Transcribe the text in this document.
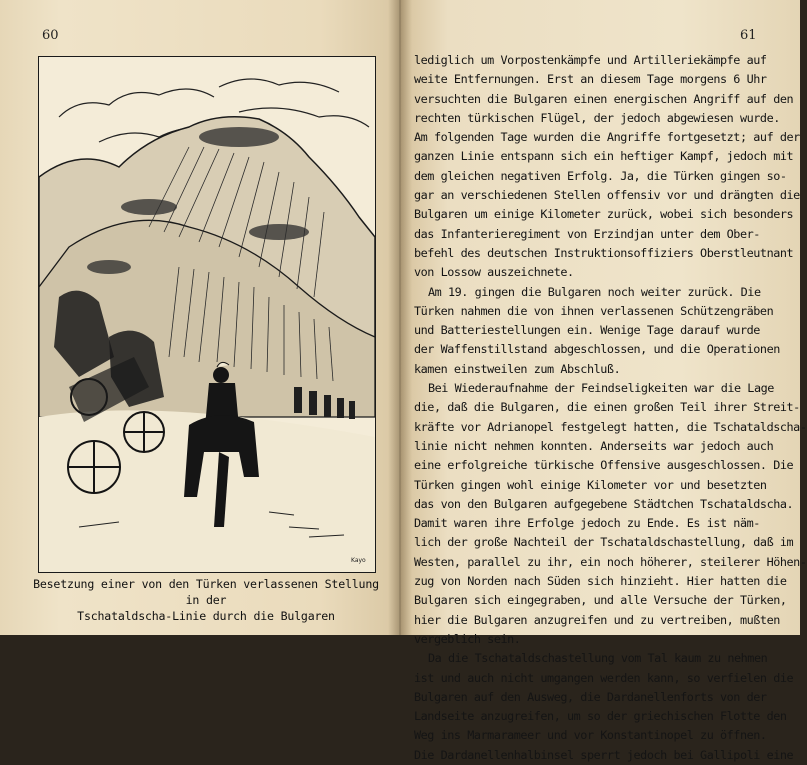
60	61
Kayo
Besetzung einer von den Türken verlassenen Stellung in der
Tschataldscha-Linie durch die Bulgaren
lediglich um Vorpostenkämpfe und Artilleriekämpfe auf
weite Entfernungen. Erst an diesem Tage morgens 6 Uhr
versuchten die Bulgaren einen energischen Angriff auf den
rechten türkischen Flügel, der jedoch abgewiesen wurde.
Am folgenden Tage wurden die Angriffe fortgesetzt; auf der
ganzen Linie entspann sich ein heftiger Kampf, jedoch mit
dem gleichen negativen Erfolg. Ja, die Türken gingen so-
gar an verschiedenen Stellen offensiv vor und drängten die
Bulgaren um einige Kilometer zurück, wobei sich besonders
das Infanterieregiment von Erzindjan unter dem Ober-
befehl des deutschen Instruktionsoffiziers Oberstleutnant
von Lossow auszeichnete.
Am 19. gingen die Bulgaren noch weiter zurück. Die
Türken nahmen die von ihnen verlassenen Schützengräben
und Batteriestellungen ein. Wenige Tage darauf wurde
der Waffenstillstand abgeschlossen, und die Operationen
kamen einstweilen zum Abschluß.
Bei Wiederaufnahme der Feindseligkeiten war die Lage
die, daß die Bulgaren, die einen großen Teil ihrer Streit-
kräfte vor Adrianopel festgelegt hatten, die Tschataldscha-
linie nicht nehmen konnten. Anderseits war jedoch auch
eine erfolgreiche türkische Offensive ausgeschlossen. Die
Türken gingen wohl einige Kilometer vor und besetzten
das von den Bulgaren aufgegebene Städtchen Tschataldscha.
Damit waren ihre Erfolge jedoch zu Ende. Es ist näm-
lich der große Nachteil der Tschataldschastellung, daß im
Westen, parallel zu ihr, ein noch höherer, steilerer Höhen-
zug von Norden nach Süden sich hinzieht. Hier hatten die
Bulgaren sich eingegraben, und alle Versuche der Türken,
hier die Bulgaren anzugreifen und zu vertreiben, mußten
vergeblich sein.
Da die Tschataldschastellung vom Tal kaum zu nehmen
ist und auch nicht umgangen werden kann, so verfielen die
Bulgaren auf den Ausweg, die Dardanellenforts von der
Landseite anzugreifen, um so der griechischen Flotte den
Weg ins Marmarameer und vor Konstantinopel zu öffnen.
Die Dardanellenhalbinsel sperrt jedoch bei Gallipoli eine
